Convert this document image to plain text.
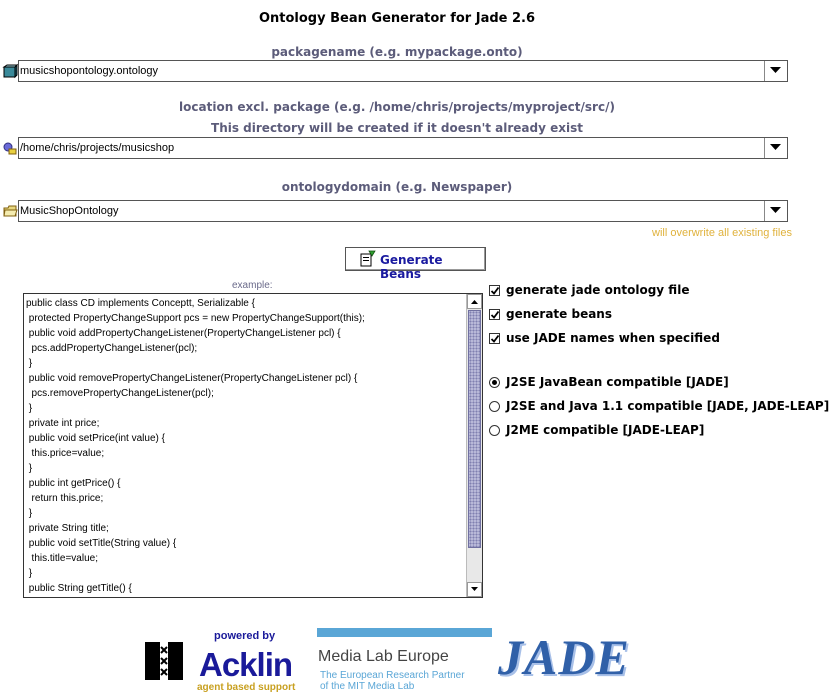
Ontology Bean Generator for Jade 2.6
packagename (e.g. mypackage.onto)
musicshopontology.ontology
location excl. package (e.g. /home/chris/projects/myproject/src/)
This directory will be created if it doesn't already exist
/home/chris/projects/musicshop
ontologydomain (e.g. Newspaper)
MusicShopOntology
will overwrite all existing files
Generate Beans
example:
public class CD implements Conceptt, Serializable {
protected PropertyChangeSupport pcs = new PropertyChangeSupport(this);
public void addPropertyChangeListener(PropertyChangeListener pcl) {
pcs.addPropertyChangeListener(pcl);
}
public void removePropertyChangeListener(PropertyChangeListener pcl) {
pcs.removePropertyChangeListener(pcl);
}
private int price;
public void setPrice(int value) {
this.price=value;
}
public int getPrice() {
return this.price;
}
private String title;
public void setTitle(String value) {
this.title=value;
}
public String getTitle() {
generate jade ontology file
generate beans
use JADE names when specified
J2SE JavaBean compatible [JADE]
J2SE and Java 1.1 compatible [JADE, JADE-LEAP]
J2ME compatible [JADE-LEAP]
powered by
Acklin
agent based support
Media Lab Europe
The European Research Partner
of the MIT Media Lab
JADE
